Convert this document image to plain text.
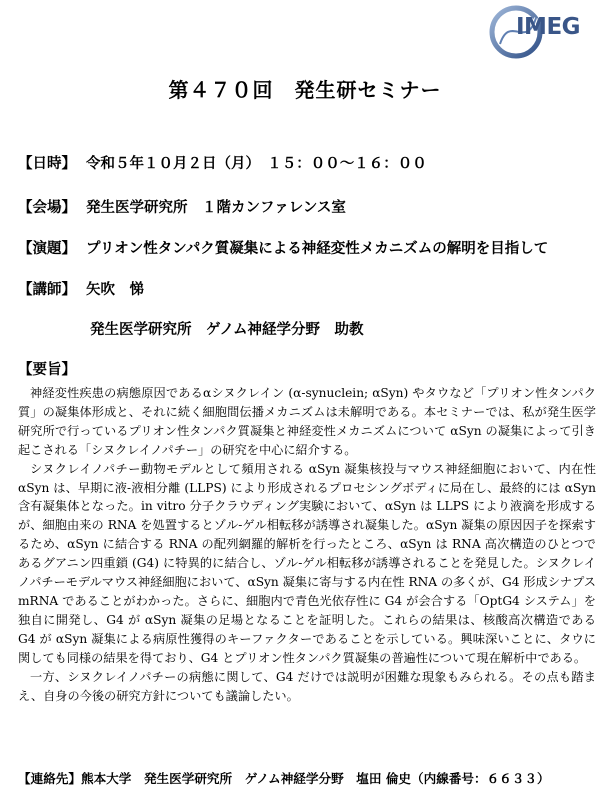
IMEG
第４７０回　発生研セミナー
【日時】 令和５年１０月２日（月）　１５：００〜１６：００
【会場】 発生医学研究所　１階カンファレンス室
【演題】 プリオン性タンパク質凝集による神経変性メカニズムの解明を目指して
【講師】 矢吹　悌
発生医学研究所　ゲノム神経学分野　助教
【要旨】

神経変性疾患の病態原因であるαシヌクレイン (α-synuclein; αSyn) やタウなど「プリオン性タンパク質」の凝集体形成と、それに続く細胞間伝播メカニズムは未解明である。本セミナーでは、私が発生医学研究所で行っているプリオン性タンパク質凝集と神経変性メカニズムについて αSyn の凝集によって引き起こされる「シヌクレイノパチー」の研究を中心に紹介する。

シヌクレイノパチー動物モデルとして頻用される αSyn 凝集核投与マウス神経細胞において、内在性 αSyn は、早期に液-液相分離 (LLPS) により形成されるプロセシングボディに局在し、最終的には αSyn 含有凝集体となった。in vitro 分子クラウディング実験において、αSyn は LLPS により液滴を形成するが、細胞由来の RNA を処置するとゾル-ゲル相転移が誘導され凝集した。αSyn 凝集の原因因子を探索するため、αSyn に結合する RNA の配列網羅的解析を行ったところ、αSyn は RNA 高次構造のひとつであるグアニン四重鎖 (G4) に特異的に結合し、ゾル-ゲル相転移が誘導されることを発見した。シヌクレイノパチーモデルマウス神経細胞において、αSyn 凝集に寄与する内在性 RNA の多くが、G4 形成シナプス mRNA であることがわかった。さらに、細胞内で青色光依存性に G4 が会合する「OptG4 システム」を独自に開発し、G4 が αSyn 凝集の足場となることを証明した。これらの結果は、核酸高次構造である G4 が αSyn 凝集による病原性獲得のキーファクターであることを示している。興味深いことに、タウに関しても同様の結果を得ており、G4 とプリオン性タンパク質凝集の普遍性について現在解析中である。

一方、シヌクレイノパチーの病態に関して、G4 だけでは説明が困難な現象もみられる。その点も踏まえ、自身の今後の研究方針についても議論したい。

【連絡先】熊本大学　発生医学研究所　ゲノム神経学分野　塩田 倫史（内線番号：６６３３）
